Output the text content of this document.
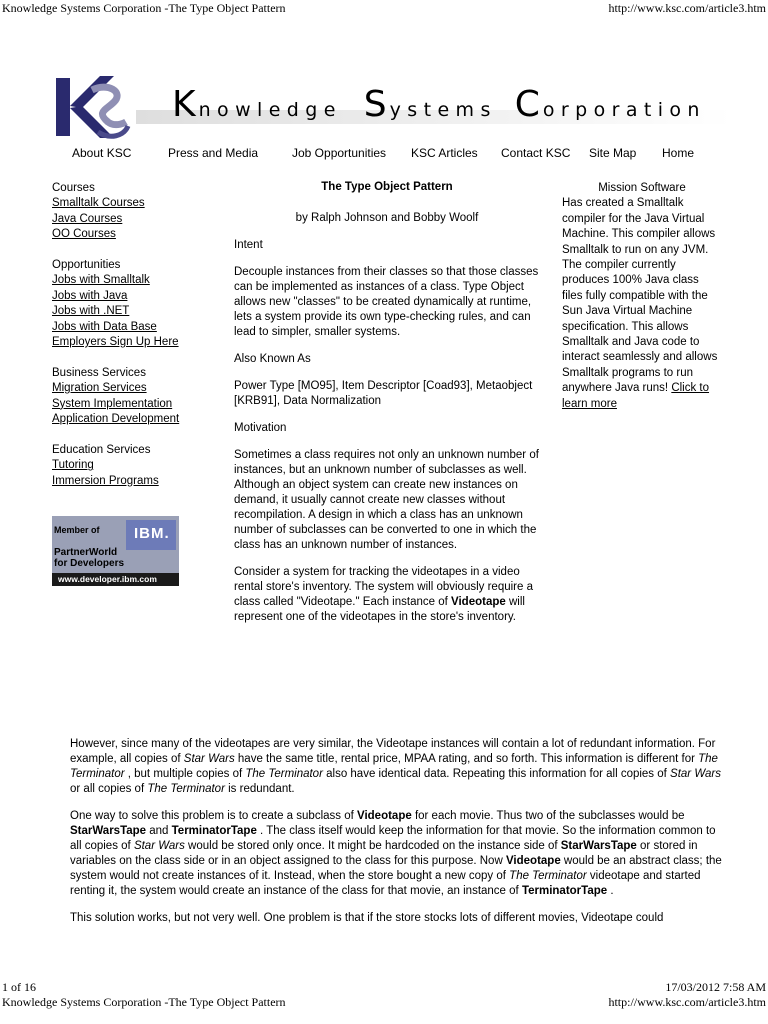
Knowledge Systems Corporation -The Type Object Pattern	http://www.ksc.com/article3.htm
Knowledge S ystems C orporation
About KSC	Press and Media	Job Opportunities KSC Articles Contact KSC Site Map Home
Courses
Smalltalk Courses
Java Courses
OO Courses
Opportunities
Jobs with Smalltalk
Jobs with Java
Jobs with .NET
Jobs with Data Base
Employers Sign Up Here
Business Services
Migration Services
System Implementation
Application Development
Education Services
Tutoring
Immersion Programs
Member of IBM.
PartnerWorld
for Developers
www.developer.ibm.com
The Type Object Pattern
by Ralph Johnson and Bobby Woolf

Intent

Decouple instances from their classes so that those classes can be implemented as instances of a class. Type Object allows new "classes" to be created dynamically at runtime, lets a system provide its own type-checking rules, and can lead to simpler, smaller systems.

Also Known As

Power Type [MO95], Item Descriptor [Coad93], Metaobject [KRB91], Data Normalization

Motivation

Sometimes a class requires not only an unknown number of instances, but an unknown number of subclasses as well. Although an object system can create new instances on demand, it usually cannot create new classes without recompilation. A design in which a class has an unknown number of subclasses can be converted to one in which the class has an unknown number of instances.

Consider a system for tracking the videotapes in a video rental store's inventory. The system will obviously require a class called "Videotape." Each instance of Videotape will represent one of the videotapes in the store's inventory.

Mission Software
Has created a Smalltalk compiler for the Java Virtual Machine. This compiler allows Smalltalk to run on any JVM. The compiler currently produces 100% Java class files fully compatible with the Sun Java Virtual Machine specification. This allows Smalltalk and Java code to interact seamlessly and allows Smalltalk programs to run anywhere Java runs! Click to learn more

However, since many of the videotapes are very similar, the Videotape instances will contain a lot of redundant information. For example, all copies of Star Wars have the same title, rental price, MPAA rating, and so forth. This information is different for The Terminator , but multiple copies of The Terminator also have identical data. Repeating this information for all copies of Star Wars or all copies of The Terminator is redundant.

One way to solve this problem is to create a subclass of Videotape for each movie. Thus two of the subclasses would be StarWarsTape and TerminatorTape . The class itself would keep the information for that movie. So the information common to all copies of Star Wars would be stored only once. It might be hardcoded on the instance side of StarWarsTape or stored in variables on the class side or in an object assigned to the class for this purpose. Now Videotape would be an abstract class; the system would not create instances of it. Instead, when the store bought a new copy of The Terminator videotape and started renting it, the system would create an instance of the class for that movie, an instance of TerminatorTape .

This solution works, but not very well. One problem is that if the store stocks lots of different movies, Videotape could

1 of 16	17/03/2012 7:58 AM
Knowledge Systems Corporation -The Type Object Pattern	http://www.ksc.com/article3.htm
